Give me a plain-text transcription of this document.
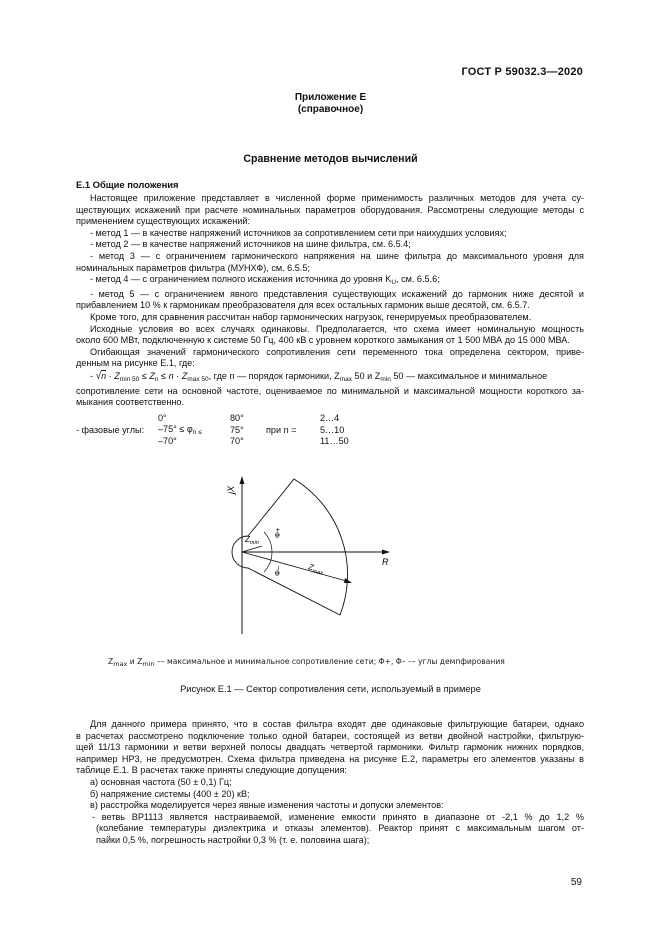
ГОСТ Р 59032.3—2020
Приложение Е
(справочное)
Сравнение методов вычислений
Е.1 Общие положения
Настоящее приложение представляет в численной форме применимость различных методов для учета су-
ществующих искажений при расчете номинальных параметров оборудования. Рассмотрены следующие методы с
применением существующих искажений:
- метод 1 — в качестве напряжений источников за сопротивлением сети при наихудших условиях;
- метод 2 — в качестве напряжений источников на шине фильтра, см. 6.5.4;
- метод 3 — с ограничением гармонического напряжения на шине фильтра до максимального уровня для
номинальных параметров фильтра (МУНХФ), см. 6.5.5;
- метод 4 — с ограничением полного искажения источника до уровня $K_U$, см. 6.5.6;
- метод 5 — с ограничением явного представления существующих искажений до гармоник ниже десятой и
прибавлением 10 % к гармоникам преобразователя для всех остальных гармоник выше десятой, см. 6.5.7.
Кроме того, для сравнения рассчитан набор гармонических нагрузок, генерируемых преобразователем.
Исходные условия во всех случаях одинаковы. Предполагается, что схема имеет номинальную мощность
около 600 МВт, подключенную к системе 50 Гц, 400 кВ с уровнем короткого замыкания от 1 500 МВА до 15 000 МВА.
Огибающая значений гармонического сопротивления сети переменного тока определена сектором, приве-
денным на рисунке Е.1, где:
- $√n \cdot Z_{min 50} \le Z_n \le n \cdot Z_{max 50}$, где n — порядок гармоники, $Z_{max}$ 50 и $Z_{min}$ 50 — максимальное и минимальное
сопротивление сети на основной частоте, оцениваемое по минимальной и максимальной мощности короткого за-
мыкания соответственно.
	0°		80°		2…4
- фазовые углы:	$-75^\circ \le \varphi_{n \le}$		75°	при n =	5…10
	–70°		70°		11…50
jX
R
$Z_{min}$
$Z_{max}$
Φ+
Φ–
$Z_{max}$ и $Z_{min}$ –– максимальное и минимальное сопротивление сети; Φ+, Φ– –– углы демпфирования
Рисунок Е.1 — Сектор сопротивления сети, используемый в примере
Для данного примера принято, что в состав фильтра входят две одинаковые фильтрующие батареи, однако
в расчетах рассмотрено подключение только одной батареи, состоящей из ветви двойной настройки, фильтрую-
щей 11/13 гармоники и ветви верхней полосы двадцать четвертой гармоники. Фильтр гармоник нижних порядков,
например НР3, не предусмотрен. Схема фильтра приведена на рисунке Е.2, параметры его элементов указаны в
таблице Е.1. В расчетах также приняты следующие допущения:
а) основная частота (50 ± 0,1) Гц;
б) напряжение системы (400 ± 20) кВ;
в) расстройка моделируется через явные изменения частоты и допуски элементов:
- ветвь ВР1113 является настраиваемой, изменение емкости принято в диапазоне от -2,1 % до 1,2 %
(колебание температуры диэлектрика и отказы элементов). Реактор принят с максимальным шагом от-
пайки 0,5 %, погрешность настройки 0,3 % (т. е. половина шага);
59
